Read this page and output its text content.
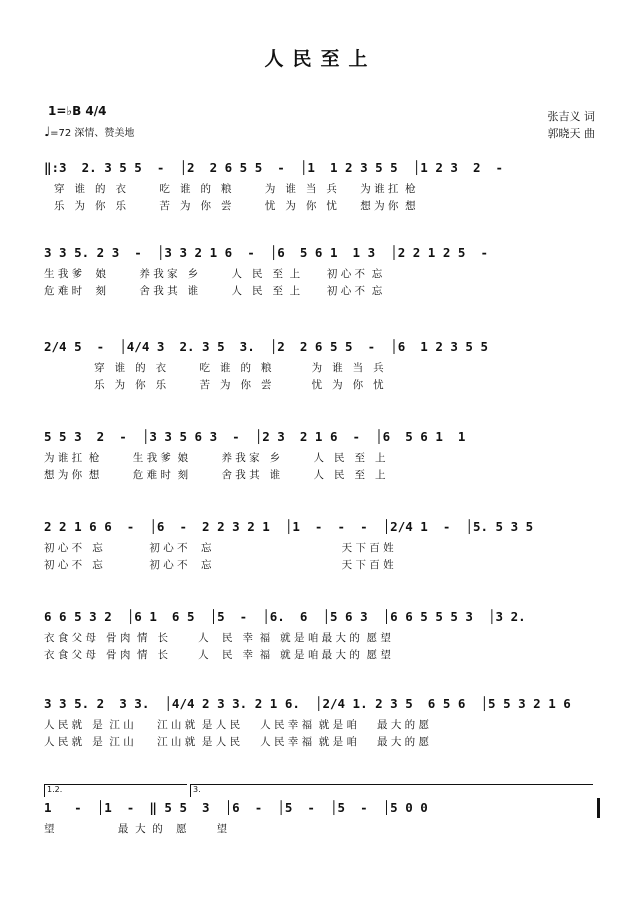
人民至上
1=♭B 4/4
♩=72 深情、赞美地
张吉义 词
郭晓天 曲
‖:3  2. 3 5 5  -  │2  2 6 5 5  -  │1  1 2 3 5 5  │1 2 3  2  -
穿   谁   的   衣          吃   谁   的   粮          为   谁   当   兵       为 谁 扛  枪
乐   为   你   乐          苦   为   你   尝          忧   为   你   忧       想 为 你  想
3 3 5. 2 3  -  │3 3 2 1 6  -  │6  5 6 1  1 3  │2 2 1 2 5  -
生 我 爹    娘          养 我 家   乡          人   民   至  上        初 心 不  忘
危 难 时    刻          舍 我 其   谁          人   民   至  上        初 心 不  忘
2/4 5  -  │4/4 3  2. 3 5  3.  │2  2 6 5 5  -  │6  1 2 3 5 5
穿   谁   的   衣          吃   谁   的   粮            为   谁   当   兵
乐   为   你   乐          苦   为   你   尝            忧   为   你   忧
5 5 3  2  -  │3 3 5 6 3  -  │2 3  2 1 6  -  │6  5 6 1  1
为 谁 扛  枪          生 我 爹  娘          养 我 家   乡          人   民   至   上
想 为 你  想          危 难 时  刻          舍 我 其   谁          人   民   至   上
2 2 1 6 6  -  │6  -  2 2 3 2 1  │1  -  -  -  │2/4 1  -  │5. 5 3 5
初 心 不   忘              初 心 不    忘                                       天 下 百 姓
初 心 不   忘              初 心 不    忘                                       天 下 百 姓
6 6 5 3 2  │6 1  6 5  │5  -  │6.  6  │5 6 3  │6 6 5 5 5 3  │3 2.
衣 食 父 母   骨 肉  情   长         人    民   幸  福   就 是 咱 最 大 的  愿 望
衣 食 父 母   骨 肉  情   长         人    民   幸  福   就 是 咱 最 大 的  愿 望
3 3 5. 2  3 3.  │4/4 2 3 3. 2 1 6.  │2/4 1. 2 3 5  6 5 6  │5 5 3 2 1 6
人 民 就   是  江 山       江 山 就  是 人 民      人 民 幸 福  就 是 咱      最 大 的 愿
人 民 就   是  江 山       江 山 就  是 人 民      人 民 幸 福  就 是 咱      最 大 的 愿
1.2.	3.
1   -  │1  -  ‖ 5 5  3  │6  -  │5  -  │5  -  │5 0 0
望                   最  大  的    愿         望
